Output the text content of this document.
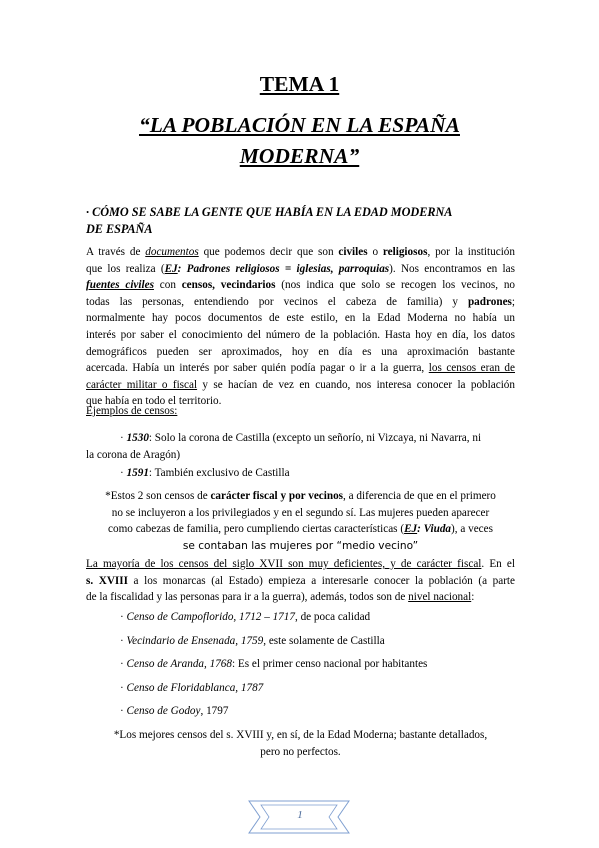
TEMA 1
“LA POBLACIÓN EN LA ESPAÑA
MODERNA”
· CÓMO SE SABE LA GENTE QUE HABÍA EN LA EDAD MODERNA
DE ESPAÑA
A través de documentos que podemos decir que son civiles o religiosos, por la institución
que los realiza (EJ: Padrones religiosos = iglesias, parroquias). Nos encontramos en las
fuentes civiles con censos, vecindarios (nos indica que solo se recogen los vecinos, no
todas las personas, entendiendo por vecinos el cabeza de familia) y padrones;
normalmente hay pocos documentos de este estilo, en la Edad Moderna no había un
interés por saber el conocimiento del número de la población. Hasta hoy en día, los datos
demográficos pueden ser aproximados, hoy en día es una aproximación bastante
acercada. Había un interés por saber quién podía pagar o ir a la guerra, los censos eran de
carácter militar o fiscal y se hacían de vez en cuando, nos interesa conocer la población
que había en todo el territorio.
Ejemplos de censos:
· 1530: Solo la corona de Castilla (excepto un señorío, ni Vizcaya, ni Navarra, ni
la corona de Aragón)
· 1591: También exclusivo de Castilla
*Estos 2 son censos de carácter fiscal y por vecinos, a diferencia de que en el primero
no se incluyeron a los privilegiados y en el segundo sí. Las mujeres pueden aparecer
como cabezas de familia, pero cumpliendo ciertas características (EJ: Viuda), a veces
se contaban las mujeres por “medio vecino”
La mayoría de los censos del siglo XVII son muy deficientes, y de carácter fiscal. En el
s. XVIII a los monarcas (al Estado) empieza a interesarle conocer la población (a parte
de la fiscalidad y las personas para ir a la guerra), además, todos son de nivel nacional:
· Censo de Campoflorido, 1712 – 1717, de poca calidad
· Vecindario de Ensenada, 1759, este solamente de Castilla
· Censo de Aranda, 1768: Es el primer censo nacional por habitantes
· Censo de Floridablanca, 1787
· Censo de Godoy, 1797
*Los mejores censos del s. XVIII y, en sí, de la Edad Moderna; bastante detallados,
pero no perfectos.
1
